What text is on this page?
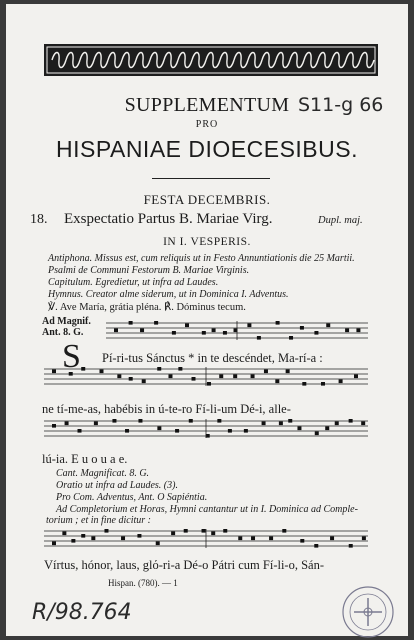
S11-g 66
SUPPLEMENTUM
PRO
HISPANIAE DIOECESIBUS.
FESTA DECEMBRIS.
18. Exspectatio Partus B. Mariae Virg.	Dupl. maj.
IN I. VESPERIS.
Antiphona. Missus est, cum reliquis ut in Festo Annuntiationis die 25 Martii.
Psalmi de Communi Festorum B. Mariae Virginis.
Capitulum. Egredietur, ut infra ad Laudes.
Hymnus. Creator alme siderum, ut in Dominica I. Adventus.
℣. Ave María, grátia pléna. ℟. Dóminus tecum.
Ad Magnif.
Ant. 8. G.
S Pí-ri-tus Sánctus * in te descéndet, Ma-rí-a :
ne tí-me-as, habébis in ú-te-ro Fí-li-um Dé-i, alle-
lú-ia. E u o u a e.
Cant. Magnificat. 8. G.
Oratio ut infra ad Laudes. (3).
Pro Com. Adventus, Ant. O Sapiéntia.
Ad Completorium et Horas, Hymni cantantur ut in I. Dominica ad Comple-
torium ; et in fine dicitur :
Vírtus, hónor, laus, glό-ri-a Dé-o Pátri cum Fí-li-o, Sán-
Hispan. (780). — 1
R/98.764
